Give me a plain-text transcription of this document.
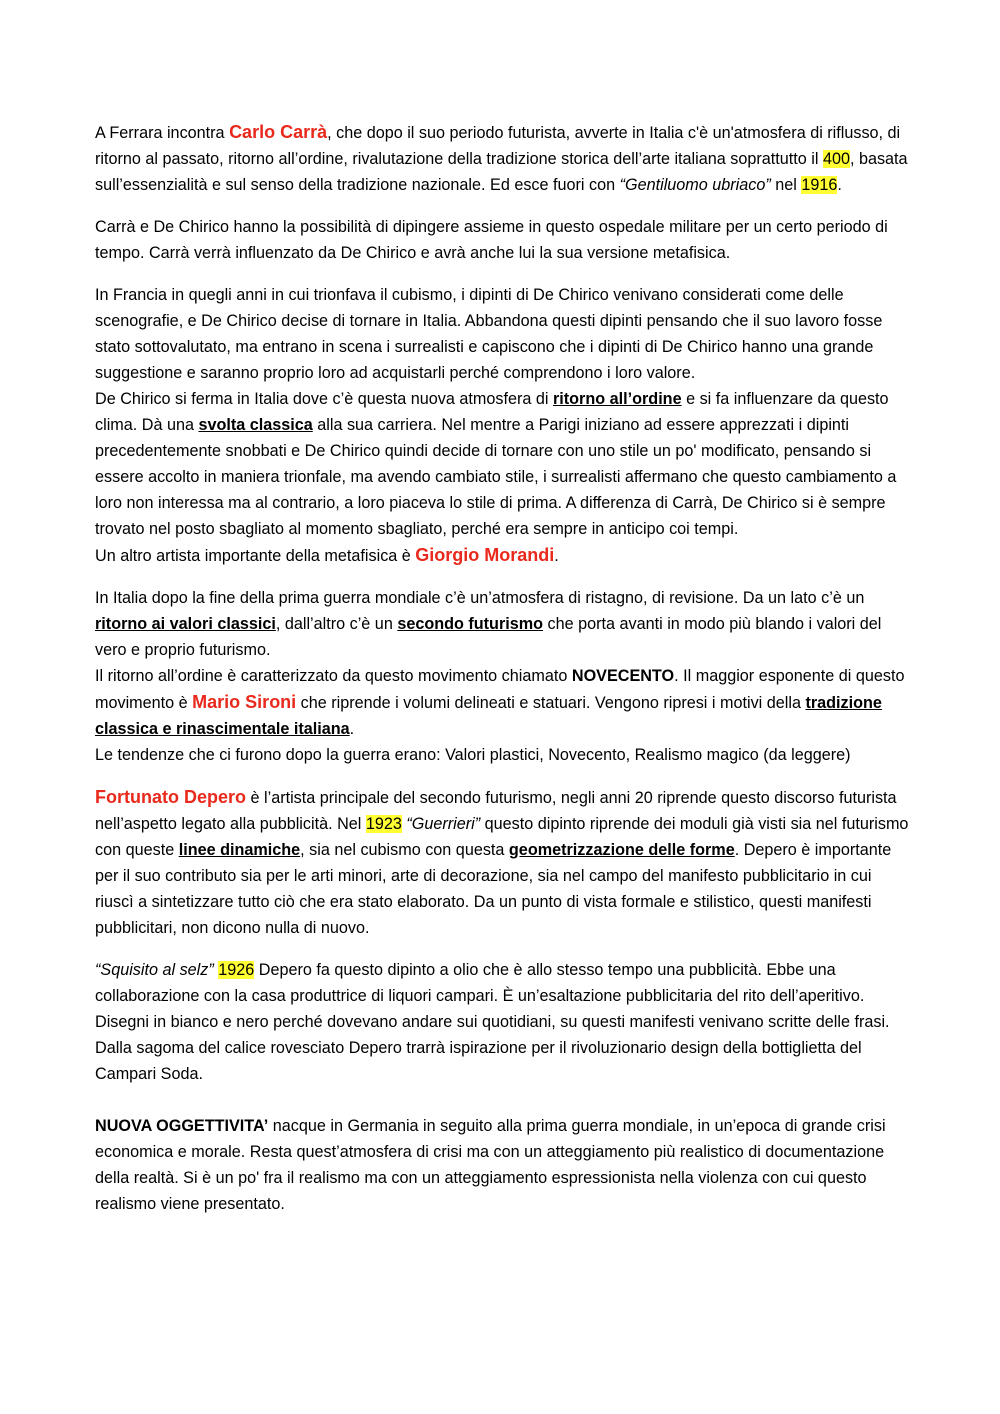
A Ferrara incontra Carlo Carrà, che dopo il suo periodo futurista, avverte in Italia c'è un'atmosfera di riflusso, di ritorno al passato, ritorno all’ordine, rivalutazione della tradizione storica dell’arte italiana soprattutto il 400, basata sull’essenzialità e sul senso della tradizione nazionale. Ed esce fuori con “Gentiluomo ubriaco” nel 1916.

Carrà e De Chirico hanno la possibilità di dipingere assieme in questo ospedale militare per un certo periodo di tempo. Carrà verrà influenzato da De Chirico e avrà anche lui la sua versione metafisica.

In Francia in quegli anni in cui trionfava il cubismo, i dipinti di De Chirico venivano considerati come delle scenografie, e De Chirico decise di tornare in Italia. Abbandona questi dipinti pensando che il suo lavoro fosse stato sottovalutato, ma entrano in scena i surrealisti e capiscono che i dipinti di De Chirico hanno una grande suggestione e saranno proprio loro ad acquistarli perché comprendono i loro valore.
De Chirico si ferma in Italia dove c’è questa nuova atmosfera di ritorno all’ordine e si fa influenzare da questo clima. Dà una svolta classica alla sua carriera. Nel mentre a Parigi iniziano ad essere apprezzati i dipinti precedentemente snobbati e De Chirico quindi decide di tornare con uno stile un po' modificato, pensando si essere accolto in maniera trionfale, ma avendo cambiato stile, i surrealisti affermano che questo cambiamento a loro non interessa ma al contrario, a loro piaceva lo stile di prima. A differenza di Carrà, De Chirico si è sempre trovato nel posto sbagliato al momento sbagliato, perché era sempre in anticipo coi tempi.
Un altro artista importante della metafisica è Giorgio Morandi.
In Italia dopo la fine della prima guerra mondiale c’è un’atmosfera di ristagno, di revisione. Da un lato c’è un ritorno ai valori classici, dall’altro c’è un secondo futurismo che porta avanti in modo più blando i valori del vero e proprio futurismo.
Il ritorno all’ordine è caratterizzato da questo movimento chiamato NOVECENTO. Il maggior esponente di questo movimento è Mario Sironi che riprende i volumi delineati e statuari. Vengono ripresi i motivi della tradizione classica e rinascimentale italiana.
Le tendenze che ci furono dopo la guerra erano: Valori plastici, Novecento, Realismo magico (da leggere)

Fortunato Depero è l’artista principale del secondo futurismo, negli anni 20 riprende questo discorso futurista nell’aspetto legato alla pubblicità. Nel 1923 “Guerrieri” questo dipinto riprende dei moduli già visti sia nel futurismo con queste linee dinamiche, sia nel cubismo con questa geometrizzazione delle forme. Depero è importante per il suo contributo sia per le arti minori, arte di decorazione, sia nel campo del manifesto pubblicitario in cui riuscì a sintetizzare tutto ciò che era stato elaborato. Da un punto di vista formale e stilistico, questi manifesti pubblicitari, non dicono nulla di nuovo.

“Squisito al selz” 1926 Depero fa questo dipinto a olio che è allo stesso tempo una pubblicità. Ebbe una collaborazione con la casa produttrice di liquori campari. È un’esaltazione pubblicitaria del rito dell’aperitivo.
Disegni in bianco e nero perché dovevano andare sui quotidiani, su questi manifesti venivano scritte delle frasi. Dalla sagoma del calice rovesciato Depero trarrà ispirazione per il rivoluzionario design della bottiglietta del Campari Soda.

NUOVA OGGETTIVITA’ nacque in Germania in seguito alla prima guerra mondiale, in un’epoca di grande crisi economica e morale. Resta quest’atmosfera di crisi ma con un atteggiamento più realistico di documentazione della realtà. Si è un po' fra il realismo ma con un atteggiamento espressionista nella violenza con cui questo realismo viene presentato.
